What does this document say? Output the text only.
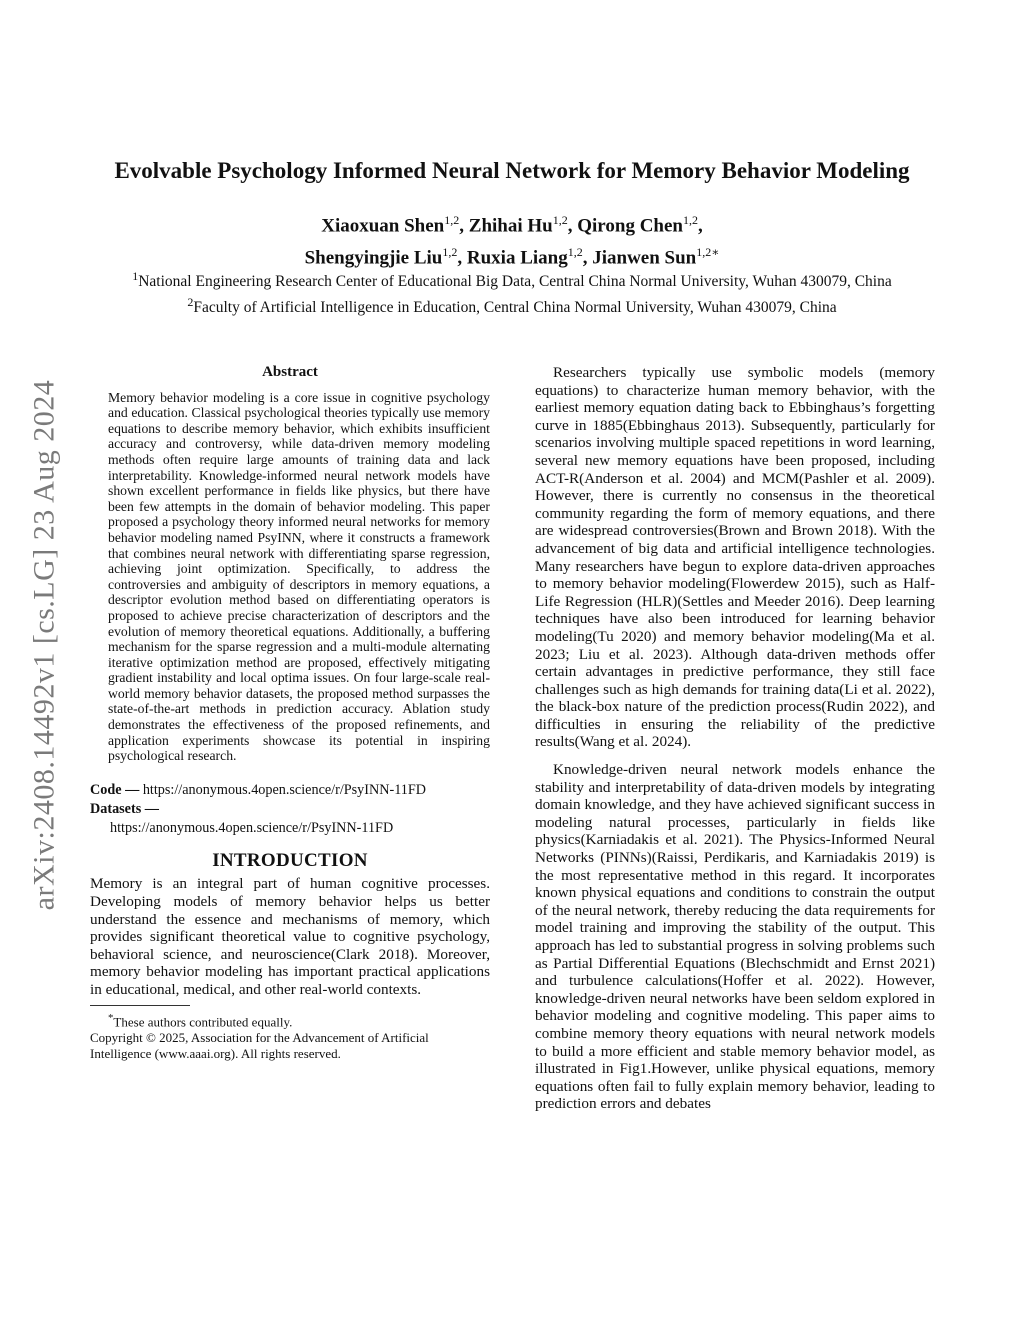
arXiv:2408.14492v1 [cs.LG] 23 Aug 2024
Evolvable Psychology Informed Neural Network for Memory Behavior Modeling
Xiaoxuan Shen$^{1,2}$, Zhihai Hu$^{1,2}$, Qirong Chen$^{1,2}$,
Shengyingjie Liu$^{1,2}$, Ruxia Liang$^{1,2}$, Jianwen Sun$^{1,2∗}$
$^1$National Engineering Research Center of Educational Big Data, Central China Normal University, Wuhan 430079, China
$^2$Faculty of Artificial Intelligence in Education, Central China Normal University, Wuhan 430079, China
Abstract

Memory behavior modeling is a core issue in cognitive psychology and education. Classical psychological theories typically use memory equations to describe memory behavior, which exhibits insufficient accuracy and controversy, while data-driven memory modeling methods often require large amounts of training data and lack interpretability. Knowledge-informed neural network models have shown excellent performance in fields like physics, but there have been few attempts in the domain of behavior modeling. This paper proposed a psychology theory informed neural networks for memory behavior modeling named PsyINN, where it constructs a framework that combines neural network with differentiating sparse regression, achieving joint optimization. Specifically, to address the controversies and ambiguity of descriptors in memory equations, a descriptor evolution method based on differentiating operators is proposed to achieve precise characterization of descriptors and the evolution of memory theoretical equations. Additionally, a buffering mechanism for the sparse regression and a multi-module alternating iterative optimization method are proposed, effectively mitigating gradient instability and local optima issues. On four large-scale real-world memory behavior datasets, the proposed method surpasses the state-of-the-art methods in prediction accuracy. Ablation study demonstrates the effectiveness of the proposed refinements, and application experiments showcase its potential in inspiring psychological research.

Code — https://anonymous.4open.science/r/PsyINN-11FD
Datasets —
https://anonymous.4open.science/r/PsyINN-11FD
INTRODUCTION

Memory is an integral part of human cognitive processes. Developing models of memory behavior helps us better understand the essence and mechanisms of memory, which provides significant theoretical value to cognitive psychology, behavioral science, and neuroscience(Clark 2018). Moreover, memory behavior modeling has important practical applications in educational, medical, and other real-world contexts.

*These authors contributed equally.
Copyright © 2025, Association for the Advancement of Artificial Intelligence (www.aaai.org). All rights reserved.

Researchers typically use symbolic models (memory equations) to characterize human memory behavior, with the earliest memory equation dating back to Ebbinghaus’s forgetting curve in 1885(Ebbinghaus 2013). Subsequently, particularly for scenarios involving multiple spaced repetitions in word learning, several new memory equations have been proposed, including ACT-R(Anderson et al. 2004) and MCM(Pashler et al. 2009). However, there is currently no consensus in the theoretical community regarding the form of memory equations, and there are widespread controversies(Brown and Brown 2018). With the advancement of big data and artificial intelligence technologies. Many researchers have begun to explore data-driven approaches to memory behavior modeling(Flowerdew 2015), such as Half-Life Regression (HLR)(Settles and Meeder 2016). Deep learning techniques have also been introduced for learning behavior modeling(Tu 2020) and memory behavior modeling(Ma et al. 2023; Liu et al. 2023). Although data-driven methods offer certain advantages in predictive performance, they still face challenges such as high demands for training data(Li et al. 2022), the black-box nature of the prediction process(Rudin 2022), and difficulties in ensuring the reliability of the predictive results(Wang et al. 2024).

Knowledge-driven neural network models enhance the stability and interpretability of data-driven models by integrating domain knowledge, and they have achieved significant success in modeling natural processes, particularly in fields like physics(Karniadakis et al. 2021). The Physics-Informed Neural Networks (PINNs)(Raissi, Perdikaris, and Karniadakis 2019) is the most representative method in this regard. It incorporates known physical equations and conditions to constrain the output of the neural network, thereby reducing the data requirements for model training and improving the stability of the output. This approach has led to substantial progress in solving problems such as Partial Differential Equations (Blechschmidt and Ernst 2021) and turbulence calculations(Hoffer et al. 2022). However, knowledge-driven neural networks have been seldom explored in behavior modeling and cognitive modeling. This paper aims to combine memory theory equations with neural network models to build a more efficient and stable memory behavior model, as illustrated in Fig1.However, unlike physical equations, memory equations often fail to fully explain memory behavior, leading to prediction errors and debates
